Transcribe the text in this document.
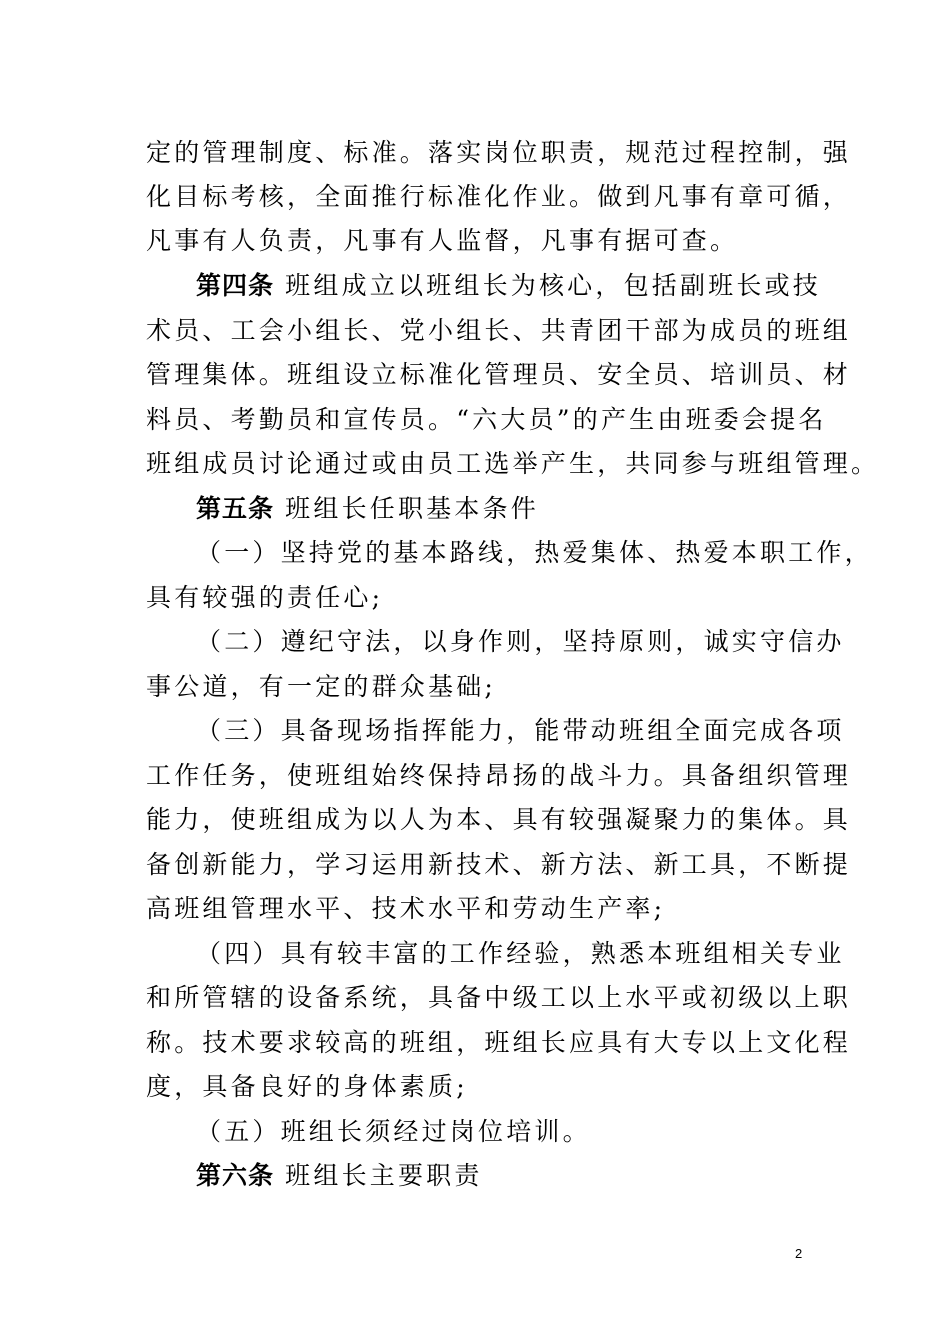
定的管理制度、标准。落实岗位职责，规范过程控制，强
化目标考核，全面推行标准化作业。做到凡事有章可循，
凡事有人负责，凡事有人监督，凡事有据可查。
第四条 班组成立以班组长为核心，包括副班长或技
术员、工会小组长、党小组长、共青团干部为成员的班组
管理集体。班组设立标准化管理员、安全员、培训员、材
料员、考勤员和宣传员。“六大员”的产生由班委会提名
班组成员讨论通过或由员工选举产生，共同参与班组管理。
第五条 班组长任职基本条件
（一）坚持党的基本路线，热爱集体、热爱本职工作，
具有较强的责任心;
（二）遵纪守法，以身作则，坚持原则，诚实守信办
事公道，有一定的群众基础;
（三）具备现场指挥能力，能带动班组全面完成各项
工作任务，使班组始终保持昂扬的战斗力。具备组织管理
能力，使班组成为以人为本、具有较强凝聚力的集体。具
备创新能力，学习运用新技术、新方法、新工具，不断提
高班组管理水平、技术水平和劳动生产率;
（四）具有较丰富的工作经验，熟悉本班组相关专业
和所管辖的设备系统，具备中级工以上水平或初级以上职
称。技术要求较高的班组，班组长应具有大专以上文化程
度，具备良好的身体素质;
（五）班组长须经过岗位培训。
第六条 班组长主要职责
2
